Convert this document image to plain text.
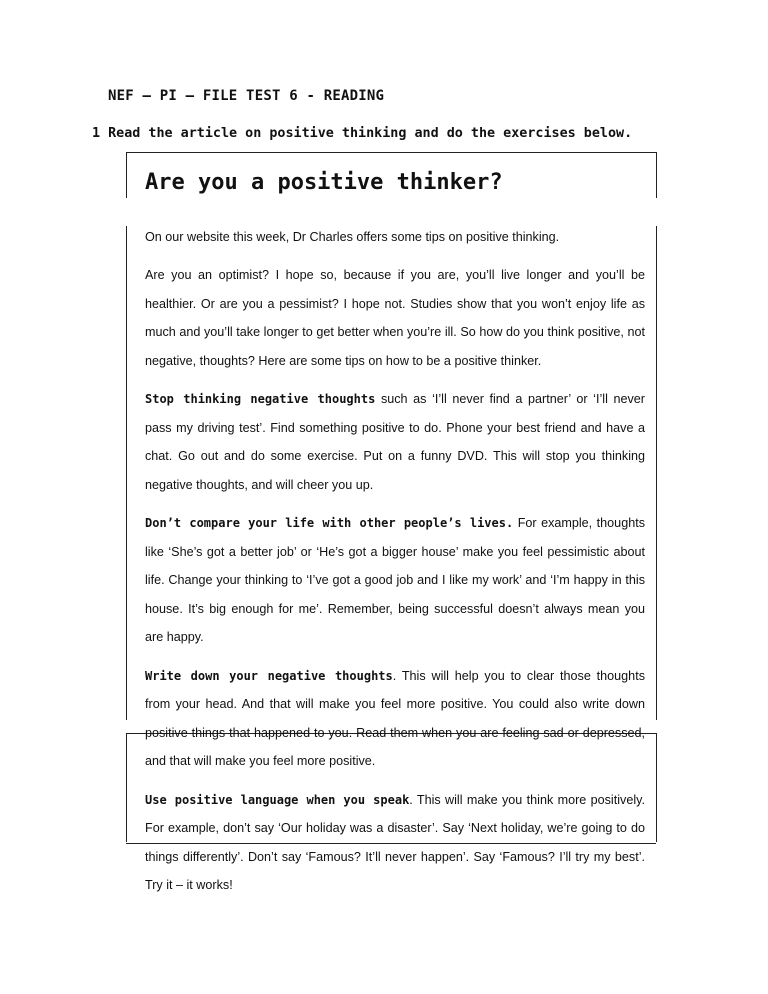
NEF – PI – FILE TEST 6 - READING
1 Read the article on positive thinking and do the exercises below.
Are you a positive thinker?

On our website this week, Dr Charles offers some tips on positive thinking.

Are you an optimist? I hope so, because if you are, you’ll live longer and you’ll be healthier. Or are you a pessimist? I hope not. Studies show that you won’t enjoy life as much and you’ll take longer to get better when you’re ill. So how do you think positive, not negative, thoughts? Here are some tips on how to be a positive thinker.

Stop thinking negative thoughts such as ‘I’ll never find a partner’ or ‘I’ll never pass my driving test’. Find something positive to do. Phone your best friend and have a chat. Go out and do some exercise. Put on a funny DVD. This will stop you thinking negative thoughts, and will cheer you up.

Don’t compare your life with other people’s lives. For example, thoughts like ‘She’s got a better job’ or ‘He’s got a bigger house’ make you feel pessimistic about life. Change your thinking to ‘I’ve got a good job and I like my work’ and ‘I’m happy in this house. It’s big enough for me’. Remember, being successful doesn’t always mean you are happy.

Write down your negative thoughts. This will help you to clear those thoughts from your head. And that will make you feel more positive. You could also write down positive things that happened to you. Read them when you are feeling sad or depressed, and that will make you feel more positive.

Use positive language when you speak. This will make you think more positively. For example, don’t say ‘Our holiday was a disaster’. Say ‘Next holiday, we’re going to do things differently’. Don’t say ‘Famous? It’ll never happen’. Say ‘Famous? I’ll try my best’. Try it – it works!
